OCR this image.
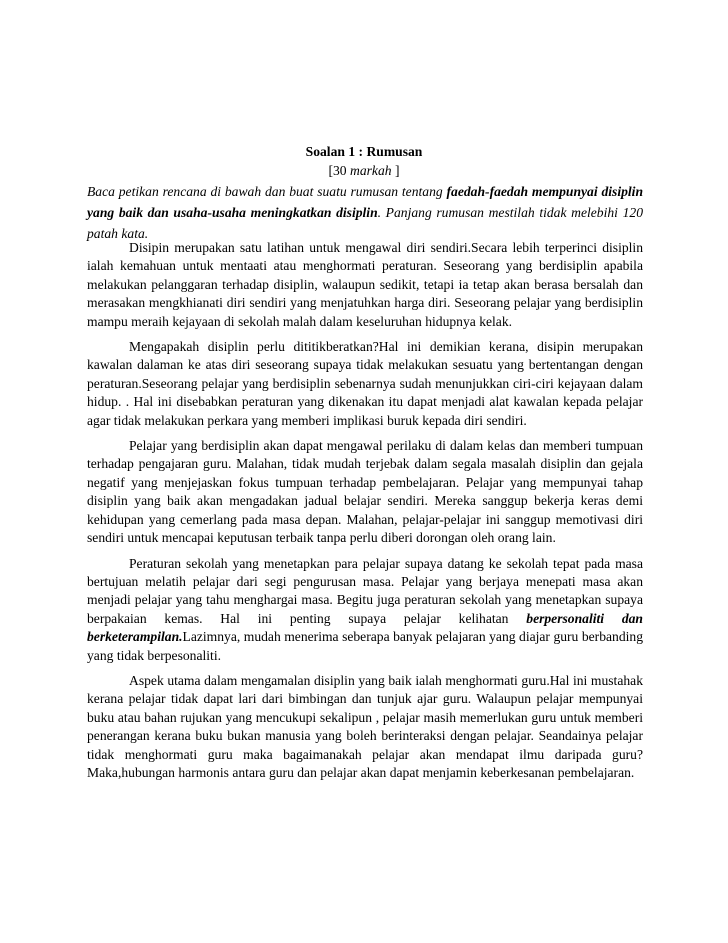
Soalan 1 : Rumusan
[30 markah ]
Baca petikan rencana di bawah dan buat suatu rumusan tentang faedah-faedah mempunyai disiplin yang baik dan usaha-usaha meningkatkan disiplin. Panjang rumusan mestilah tidak melebihi 120 patah kata.

Disipin merupakan satu latihan untuk mengawal diri sendiri.Secara lebih terperinci disiplin ialah kemahuan untuk mentaati atau menghormati peraturan. Seseorang yang berdisiplin apabila melakukan pelanggaran terhadap disiplin, walaupun sedikit, tetapi ia tetap akan berasa bersalah dan merasakan mengkhianati diri sendiri yang menjatuhkan harga diri. Seseorang pelajar yang berdisiplin mampu meraih kejayaan di sekolah malah dalam keseluruhan hidupnya kelak.

Mengapakah disiplin perlu dititikberatkan?Hal ini demikian kerana, disipin merupakan kawalan dalaman ke atas diri seseorang supaya tidak melakukan sesuatu yang bertentangan dengan peraturan.Seseorang pelajar yang berdisiplin sebenarnya sudah menunjukkan ciri-ciri kejayaan dalam hidup. . Hal ini disebabkan peraturan yang dikenakan itu dapat menjadi alat kawalan kepada pelajar agar tidak melakukan perkara yang memberi implikasi buruk kepada diri sendiri.

Pelajar yang berdisiplin akan dapat mengawal perilaku di dalam kelas dan memberi tumpuan terhadap pengajaran guru. Malahan, tidak mudah terjebak dalam segala masalah disiplin dan gejala negatif yang menjejaskan fokus tumpuan terhadap pembelajaran. Pelajar yang mempunyai tahap disiplin yang baik akan mengadakan jadual belajar sendiri. Mereka sanggup bekerja keras demi kehidupan yang cemerlang pada masa depan. Malahan, pelajar-pelajar ini sanggup memotivasi diri sendiri untuk mencapai keputusan terbaik tanpa perlu diberi dorongan oleh orang lain.

Peraturan sekolah yang menetapkan para pelajar supaya datang ke sekolah tepat pada masa bertujuan melatih pelajar dari segi pengurusan masa. Pelajar yang berjaya menepati masa akan menjadi pelajar yang tahu menghargai masa. Begitu juga peraturan sekolah yang menetapkan supaya berpakaian kemas. Hal ini penting supaya pelajar kelihatan berpersonaliti dan berketerampilan.Lazimnya, mudah menerima seberapa banyak pelajaran yang diajar guru berbanding yang tidak berpesonaliti.

Aspek utama dalam mengamalan disiplin yang baik ialah menghormati guru.Hal ini mustahak kerana pelajar tidak dapat lari dari bimbingan dan tunjuk ajar guru. Walaupun pelajar mempunyai buku atau bahan rujukan yang mencukupi sekalipun , pelajar masih memerlukan guru untuk memberi penerangan kerana buku bukan manusia yang boleh berinteraksi dengan pelajar. Seandainya pelajar tidak menghormati guru maka bagaimanakah pelajar akan mendapat ilmu daripada guru? Maka,hubungan harmonis antara guru dan pelajar akan dapat menjamin keberkesanan pembelajaran.
